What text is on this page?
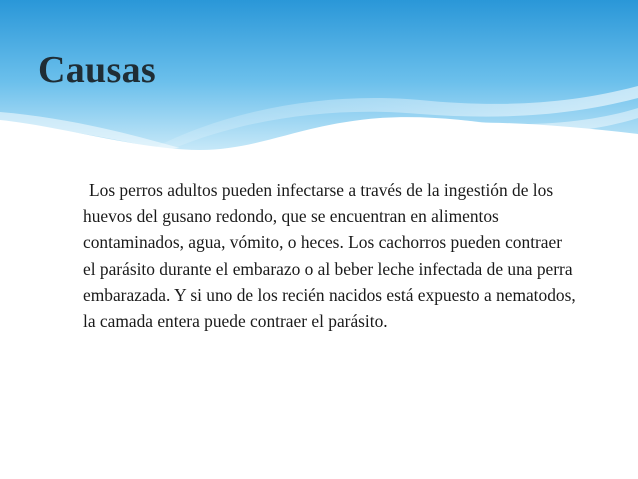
Causas

Los perros adultos pueden infectarse a través de la ingestión de los huevos del gusano redondo, que se encuentran en alimentos contaminados, agua, vómito, o heces. Los cachorros pueden contraer el parásito durante el embarazo o al beber leche infectada de una perra embarazada. Y si uno de los recién nacidos está expuesto a nematodos, la camada entera puede contraer el parásito.
